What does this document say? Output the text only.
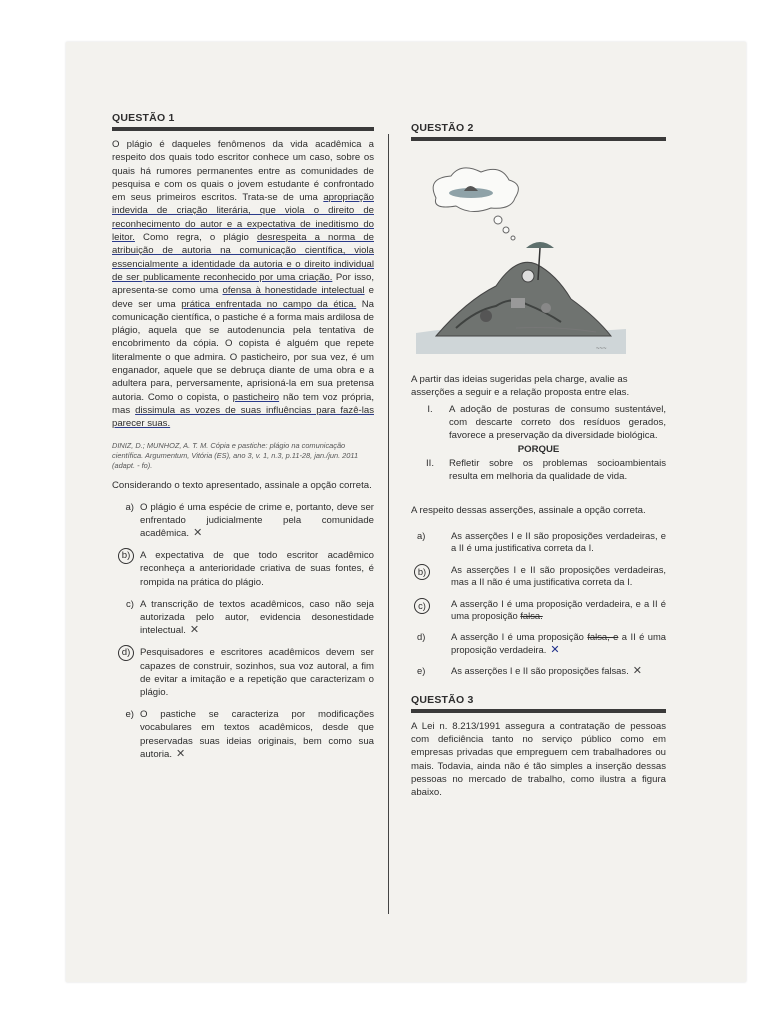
QUESTÃO 1

O plágio é daqueles fenômenos da vida acadêmica a respeito dos quais todo escritor conhece um caso, sobre os quais há rumores permanentes entre as comunidades de pesquisa e com os quais o jovem estudante é confrontado em seus primeiros escritos. Trata-se de uma apropriação indevida de criação literária, que viola o direito de reconhecimento do autor e a expectativa de ineditismo do leitor. Como regra, o plágio desrespeita a norma de atribuição de autoria na comunicação científica, viola essencialmente a identidade da autoria e o direito individual de ser publicamente reconhecido por uma criação. Por isso, apresenta-se como uma ofensa à honestidade intelectual e deve ser uma prática enfrentada no campo da ética. Na comunicação científica, o pastiche é a forma mais ardilosa de plágio, aquela que se autodenuncia pela tentativa de encobrimento da cópia. O copista é alguém que repete literalmente o que admira. O pasticheiro, por sua vez, é um enganador, aquele que se debruça diante de uma obra e a adultera para, perversamente, aprisioná-la em sua pretensa autoria. Como o copista, o pasticheiro não tem voz própria, mas dissimula as vozes de suas influências para fazê-las parecer suas.

DINIZ, D.; MUNHOZ, A. T. M. Cópia e pastiche: plágio na comunicação científica. Argumentum, Vitória (ES), ano 3, v. 1, n.3, p.11-28, jan./jun. 2011 (adapt. - fo).
Considerando o texto apresentado, assinale a opção correta.
a) O plágio é uma espécie de crime e, portanto, deve ser enfrentado judicialmente pela comunidade acadêmica. ✕
b)	A expectativa de que todo escritor acadêmico reconheça a anterioridade criativa de suas fontes, é rompida na prática do plágio.
c) A transcrição de textos acadêmicos, caso não seja autorizada pelo autor, evidencia desonestidade intelectual. ✕
d)	Pesquisadores e escritores acadêmicos devem ser capazes de construir, sozinhos, sua voz autoral, a fim de evitar a imitação e a repetição que caracterizam o plágio.
e) O pastiche se caracteriza por modificações vocabulares em textos acadêmicos, desde que preservadas suas ideias originais, bem como sua autoria. ✕
QUESTÃO 2
~~~

A partir das ideias sugeridas pela charge, avalie as asserções a seguir e a relação proposta entre elas.

I.	A adoção de posturas de consumo sustentável, com descarte correto dos resíduos gerados, favorece a preservação da diversidade biológica.
PORQUE
II.	Refletir sobre os problemas socioambientais resulta em melhoria da qualidade de vida.
A respeito dessas asserções, assinale a opção correta.
a)	As asserções I e II são proposições verdadeiras, e a II é uma justificativa correta da I.
b)	As asserções I e II são proposições verdadeiras, mas a II não é uma justificativa correta da I.
c)	A asserção I é uma proposição verdadeira, e a II é uma proposição falsa.
d)	A asserção I é uma proposição falsa, e a II é uma proposição verdadeira. ✕
e)	As asserções I e II são proposições falsas. ✕
QUESTÃO 3

A Lei n. 8.213/1991 assegura a contratação de pessoas com deficiência tanto no serviço público como em empresas privadas que empreguem cem trabalhadores ou mais. Todavia, ainda não é tão simples a inserção dessas pessoas no mercado de trabalho, como ilustra a figura abaixo.
